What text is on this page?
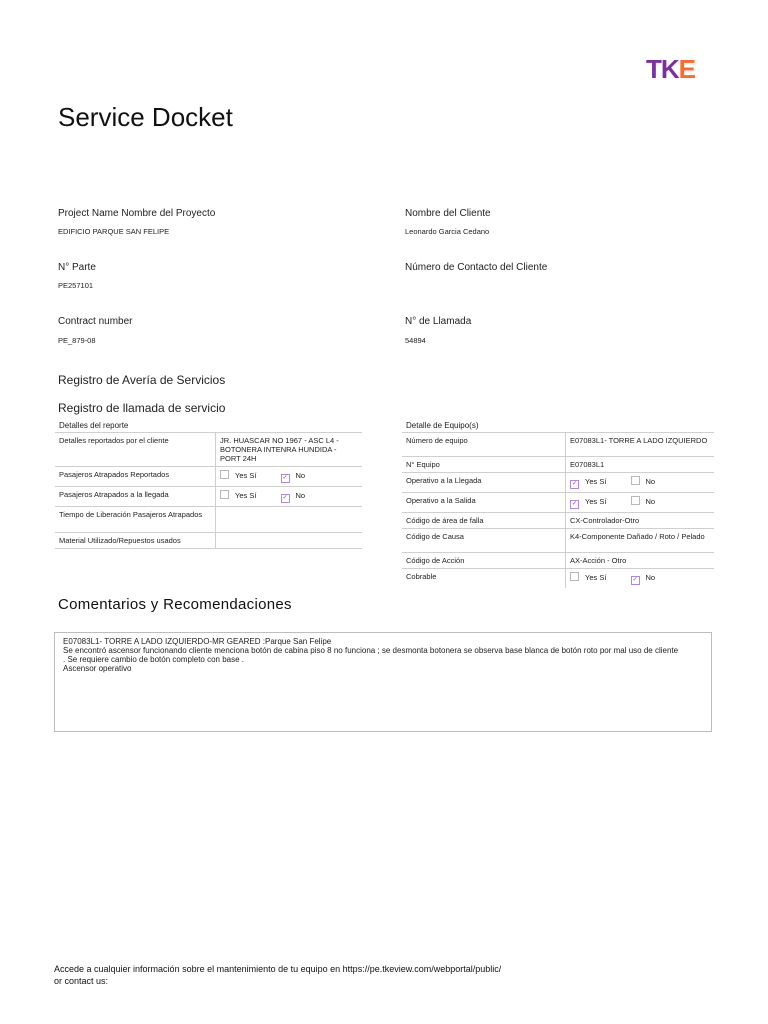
TK E
Service Docket
Project Name Nombre del Proyecto
EDIFICIO PARQUE SAN FELIPE
Nombre del Cliente
Leonardo Garcia Cedano
N° Parte
PE257101
Número de Contacto del Cliente
Contract number
PE_879-08
N° de Llamada
54894
Registro de Avería de Servicios
Registro de llamada de servicio
Detalles del reporte	
Detalles reportados por el cliente	JR. HUASCAR NO 1967 - ASC L4 - BOTONERA INTENRA HUNDIDA - PORT 24H
Pasajeros Atrapados Reportados	Yes Sí ✓ No
Pasajeros Atrapados a la llegada	Yes Sí ✓ No
Tiempo de Liberación Pasajeros Atrapados	
Material Utilizado/Repuestos usados	
Detalle de Equipo(s)	
Número de equipo	E07083L1- TORRE A LADO IZQUIERDO
N° Equipo	E07083L1
Operativo a la Llegada	✓ Yes Sí No
Operativo a la Salida	✓ Yes Sí No
Código de área de falla	CX-Controlador-Otro
Código de Causa	K4-Componente Dañado / Roto / Pelado
Código de Acción	AX-Acción - Otro
Cobrable	Yes Sí ✓ No
Comentarios y Recomendaciones
E07083L1- TORRE A LADO IZQUIERDO-MR GEARED :Parque San Felipe
Se encontró ascensor funcionando cliente menciona botón de cabina piso 8 no funciona ; se desmonta botonera se observa base blanca de botón roto por mal uso de cliente
. Se requiere cambio de botón completo con base .
Ascensor operativo
Accede a cualquier información sobre el mantenimiento de tu equipo en https://pe.tkeview.com/webportal/public/
or contact us:
